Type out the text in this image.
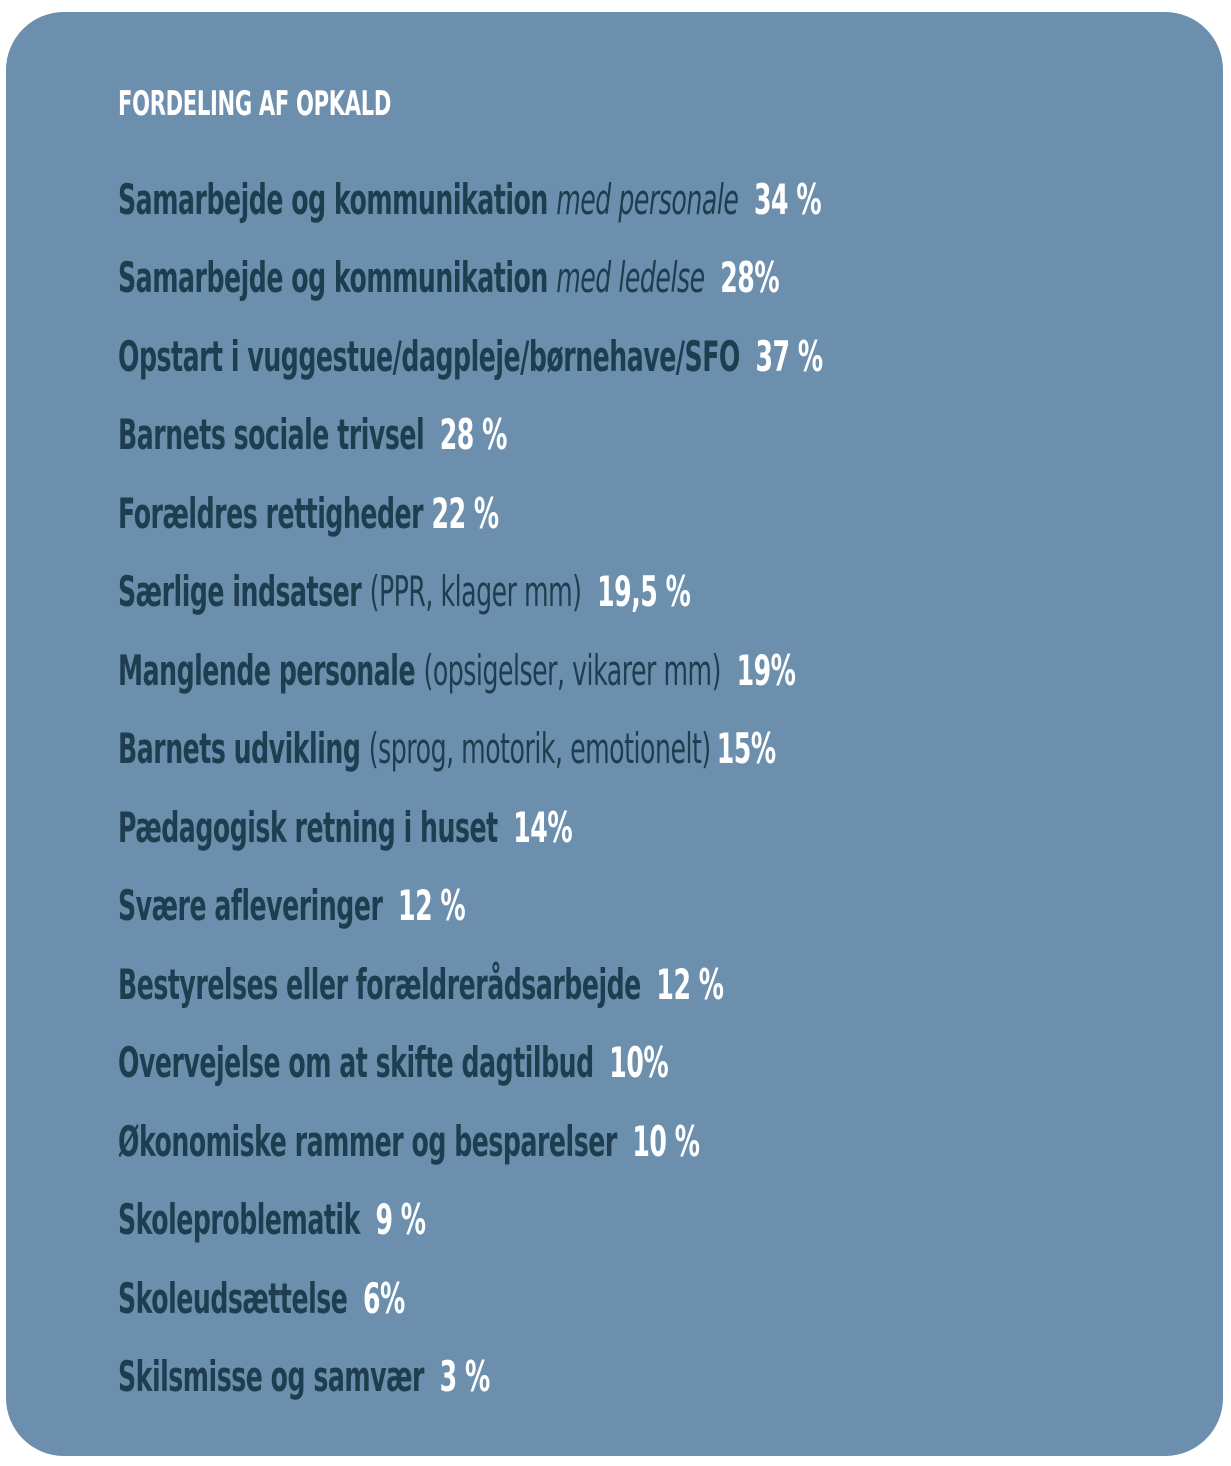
FORDELING AF OPKALD
Samarbejde og kommunikation med personale 34 %
Samarbejde og kommunikation med ledelse 28%
Opstart i vuggestue/dagpleje/børnehave/SFO 37 %
Barnets sociale trivsel 28 %
Forældres rettigheder 22 %
Særlige indsatser (PPR, klager mm) 19,5 %
Manglende personale (opsigelser, vikarer mm) 19%
Barnets udvikling (sprog, motorik, emotionelt) 15%
Pædagogisk retning i huset 14%
Svære afleveringer 12 %
Bestyrelses eller forældrerådsarbejde 12 %
Overvejelse om at skifte dagtilbud 10%
Økonomiske rammer og besparelser 10 %
Skoleproblematik 9 %
Skoleudsættelse 6%
Skilsmisse og samvær 3 %
